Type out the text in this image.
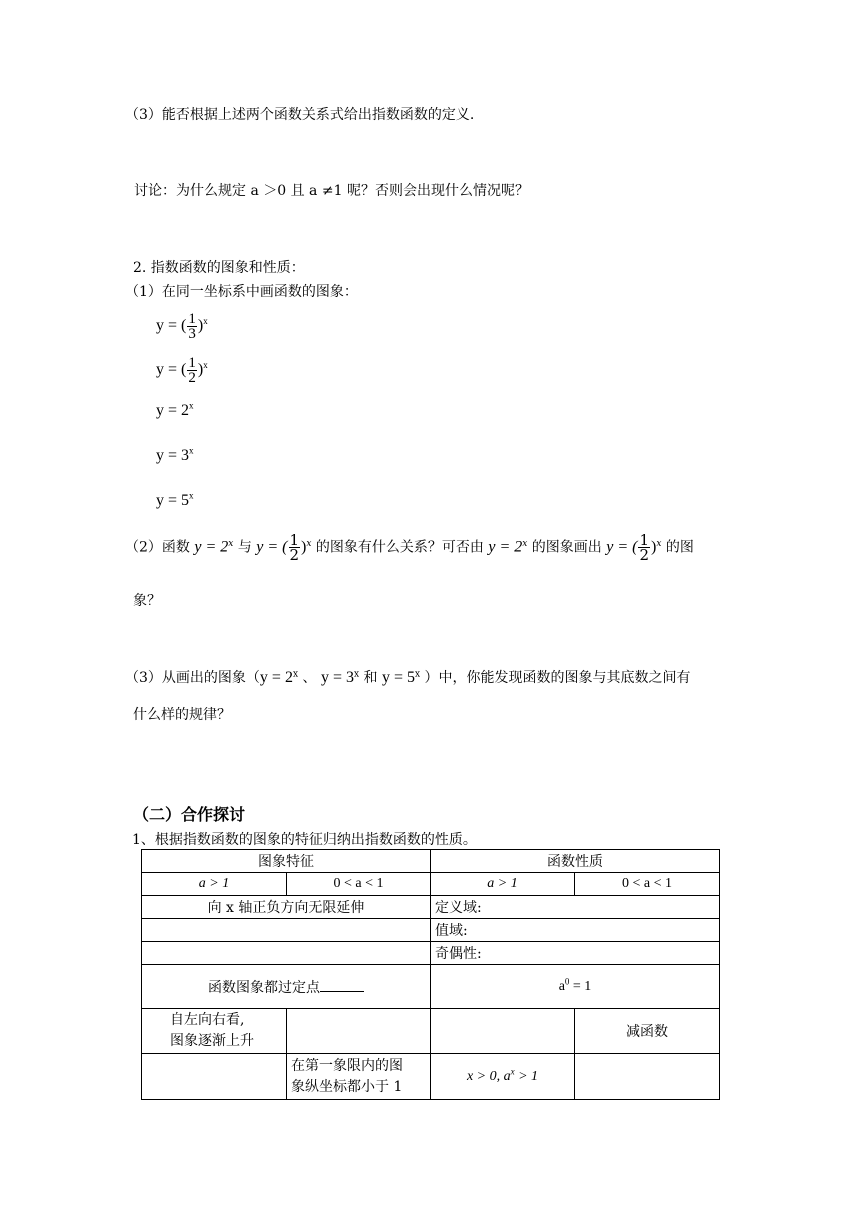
（3）能否根据上述两个函数关系式给出指数函数的定义.
讨论：为什么规定 a ＞0 且 a ≠1 呢？否则会出现什么情况呢？
2. 指数函数的图象和性质：
（1）在同一坐标系中画函数的图象：
y = ( $\frac{1}{3} )^x$
y = ( $\frac{1}{2} )^x$
$y = 2^x$
$y = 3^x$
$y = 5^x$
（2）函数 $y = 2^x$ 与 y = ( $\frac{1}{2} )^x$ 的图象有什么关系？可否由 $y = 2^x$ 的图象画出 y = ( $\frac{1}{2} )^x$ 的图
象？
（3）从画出的图象（$y = 2^x$ 、 $y = 3^x$ 和 $y = 5^x$ ）中，你能发现函数的图象与其底数之间有
什么样的规律？
（二）合作探讨
1、根据指数函数的图象的特征归纳出指数函数的性质。
图象特征		函数性质	
a > 1	0 < a < 1	a > 1	0 < a < 1
向 x 轴正负方向无限延伸		定义域:	
		值域:	
		奇偶性:	
函数图象都过定点		$a^0 = 1$	
自左向右看,
图象逐渐上升			减函数
	在第一象限内的图
象纵坐标都小于 1	x > 0, $a^x > 1$	
